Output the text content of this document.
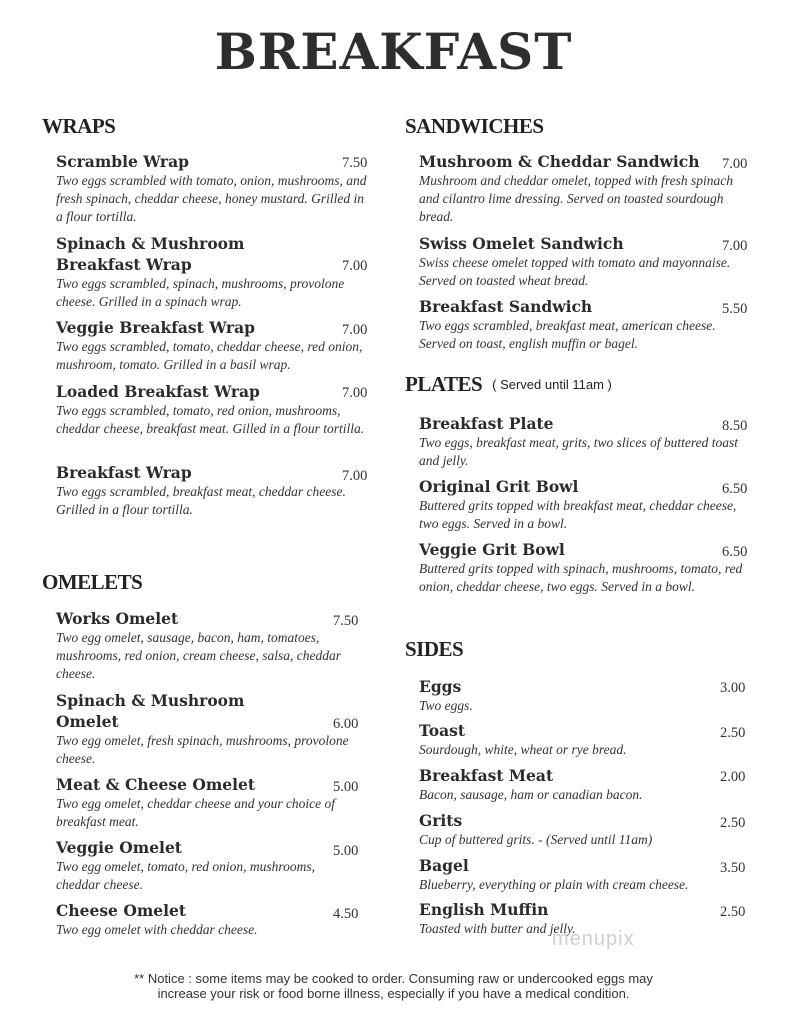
BREAKFAST
WRAPS
Scramble Wrap	7.50
Two eggs scrambled with tomato, onion, mushrooms, and fresh spinach, cheddar cheese, honey mustard. Grilled in a flour tortilla.
Spinach & Mushroom
Breakfast Wrap	7.00
Two eggs scrambled, spinach, mushrooms, provolone cheese. Grilled in a spinach wrap.
Veggie Breakfast Wrap	7.00
Two eggs scrambled, tomato, cheddar cheese, red onion, mushroom, tomato. Grilled in a basil wrap.
Loaded Breakfast Wrap	7.00
Two eggs scrambled, tomato, red onion, mushrooms, cheddar cheese, breakfast meat. Gilled in a flour tortilla.
Breakfast Wrap	7.00
Two eggs scrambled, breakfast meat, cheddar cheese. Grilled in a flour tortilla.
OMELETS
Works Omelet	7.50
Two egg omelet, sausage, bacon, ham, tomatoes, mushrooms, red onion, cream cheese, salsa, cheddar cheese.
Spinach & Mushroom
Omelet	6.00
Two egg omelet, fresh spinach, mushrooms, provolone cheese.
Meat & Cheese Omelet	5.00
Two egg omelet, cheddar cheese and your choice of breakfast meat.
Veggie Omelet	5.00
Two egg omelet, tomato, red onion, mushrooms, cheddar cheese.
Cheese Omelet	4.50
Two egg omelet with cheddar cheese.
SANDWICHES
Mushroom & Cheddar Sandwich	7.00
Mushroom and cheddar omelet, topped with fresh spinach and cilantro lime dressing. Served on toasted sourdough bread.
Swiss Omelet Sandwich	7.00
Swiss cheese omelet topped with tomato and mayonnaise. Served on toasted wheat bread.
Breakfast Sandwich	5.50
Two eggs scrambled, breakfast meat, american cheese. Served on toast, english muffin or bagel.
PLATES ( Served until 11am )
Breakfast Plate	8.50
Two eggs, breakfast meat, grits, two slices of buttered toast and jelly.
Original Grit Bowl	6.50
Buttered grits topped with breakfast meat, cheddar cheese, two eggs. Served in a bowl.
Veggie Grit Bowl	6.50
Buttered grits topped with spinach, mushrooms, tomato, red onion, cheddar cheese, two eggs. Served in a bowl.
SIDES
Eggs	3.00
Two eggs.
Toast	2.50
Sourdough, white, wheat or rye bread.
Breakfast Meat	2.00
Bacon, sausage, ham or canadian bacon.
Grits	2.50
Cup of buttered grits. - (Served until 11am)
Bagel	3.50
Blueberry, everything or plain with cream cheese.
English Muffin	2.50
Toasted with butter and jelly.
menupix
** Notice : some items may be cooked to order. Consuming raw or undercooked eggs may
increase your risk or food borne illness, especially if you have a medical condition.
